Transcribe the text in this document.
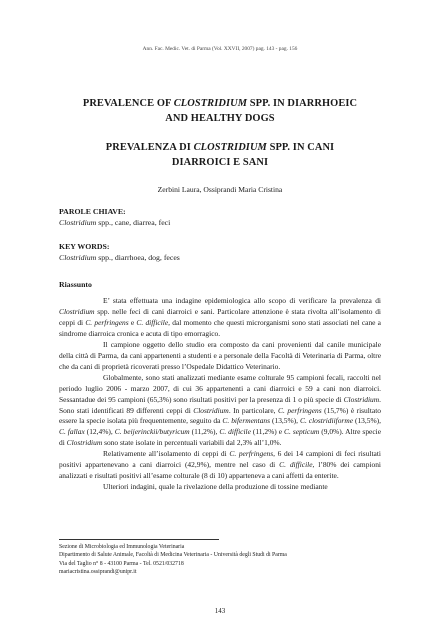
Ann. Fac. Medic. Vet. di Parma (Vol. XXVII, 2007) pag. 143 - pag. 156
PREVALENCE OF CLOSTRIDIUM SPP. IN DIARRHOEIC
AND HEALTHY DOGS
PREVALENZA DI CLOSTRIDIUM SPP. IN CANI
DIARROICI E SANI
Zerbini Laura, Ossiprandi Maria Cristina
PAROLE CHIAVE:
Clostridium spp., cane, diarrea, feci
KEY WORDS:
Clostridium spp., diarrhoea, dog, feces
Riassunto

E’ stata effettuata una indagine epidemiologica allo scopo di verificare la prevalenza di Clostridium spp. nelle feci di cani diarroici e sani. Particolare attenzione è stata rivolta all’isolamento di ceppi di C. perfringens e C. difficile, dal momento che questi microrganismi sono stati associati nel cane a sindrome diarroica cronica e acuta di tipo emorragico.

Il campione oggetto dello studio era composto da cani provenienti dal canile municipale della città di Parma, da cani appartenenti a studenti e a personale della Facoltà di Veterinaria di Parma, oltre che da cani di proprietà ricoverati presso l’Ospedale Didattico Veterinario.

Globalmente, sono stati analizzati mediante esame colturale 95 campioni fecali, raccolti nel periodo luglio 2006 - marzo 2007, di cui 36 appartenenti a cani diarroici e 59 a cani non diarroici. Sessantadue dei 95 campioni (65,3%) sono risultati positivi per la presenza di 1 o più specie di Clostridium. Sono stati identificati 89 differenti ceppi di Clostridium. In particolare, C. perfringens (15,7%) è risultato essere la specie isolata più frequentemente, seguito da C. bifermentans (13,5%), C. clostridiiforme (13,5%), C. fallax (12,4%), C. beijerinckii/butyricum (11,2%), C. difficile (11,2%) e C. septicum (9,0%). Altre specie di Clostridium sono state isolate in percentuali variabili dal 2,3% all’1,0%.

Relativamente all’isolamento di ceppi di C. perfringens, 6 dei 14 campioni di feci risultati positivi appartenevano a cani diarroici (42,9%), mentre nel caso di C. difficile, l’80% dei campioni analizzati e risultati positivi all’esame colturale (8 di 10) apparteneva a cani affetti da enterite.

Ulteriori indagini, quale la rivelazione della produzione di tossine mediante

Sezione di Microbiologia ed Immunologia Veterinaria
Dipartimento di Salute Animale, Facoltà di Medicina Veterinaria - Università degli Studi di Parma
Via del Taglio n° 8 - 43100 Parma - Tel. 0521/032718
mariacristina.ossiprandi@unipr.it
143
